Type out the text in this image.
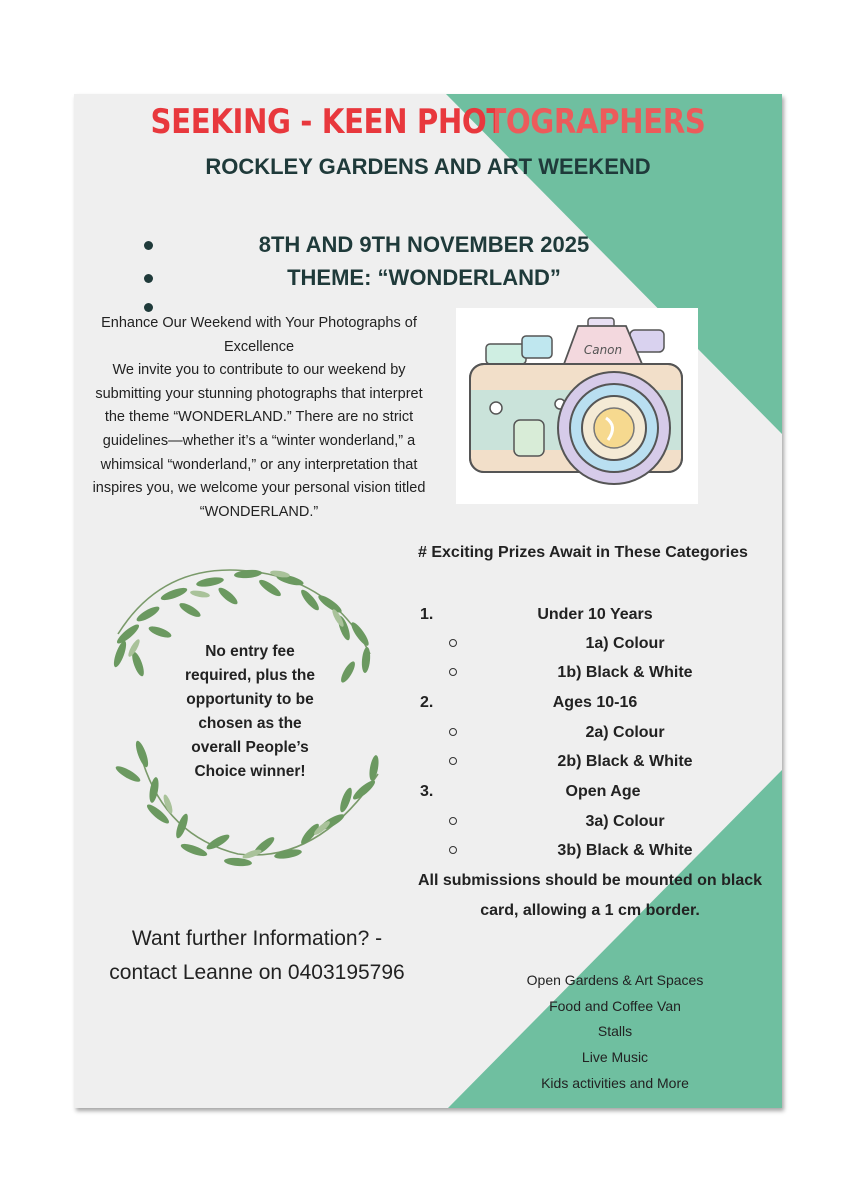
SEEKING - KEEN PHOTOGRAPHERS
ROCKLEY GARDENS AND ART WEEKEND
8TH AND 9TH NOVEMBER 2025
THEME: “WONDERLAND”
Enhance Our Weekend with Your Photographs of
Excellence
We invite you to contribute to our weekend by
submitting your stunning photographs that interpret
the theme “WONDERLAND.” There are no strict
guidelines—whether it’s a “winter wonderland,” a
whimsical “wonderland,” or any interpretation that
inspires you, we welcome your personal vision titled
“WONDERLAND.”
Canon
# Exciting Prizes Await in These Categories
1.	Under 10 Years
1a) Colour
1b) Black & White
2.	Ages 10-16
2a) Colour
2b) Black & White
3.	Open Age
3a) Colour
3b) Black & White
All submissions should be mounted on black
card, allowing a 1 cm border.
No entry fee
required, plus the
opportunity to be
chosen as the
overall People’s
Choice winner!
Want further Information? -
contact Leanne on 0403195796	Open Gardens & Art Spaces
Food and Coffee Van
Stalls
Live Music
Kids activities and More
